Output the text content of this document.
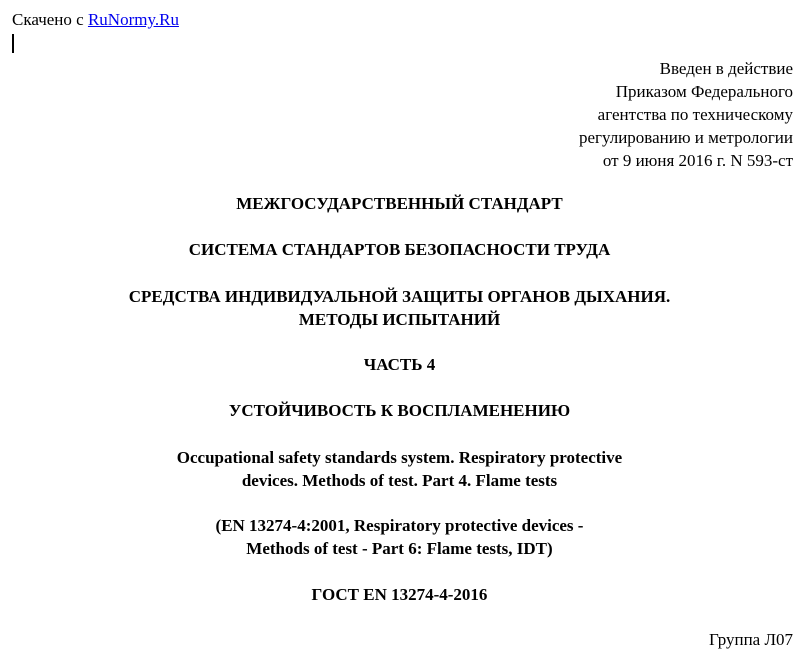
Скачено с RuNormy.Ru
Введен в действие
Приказом Федерального
агентства по техническому
регулированию и метрологии
от 9 июня 2016 г. N 593-ст
МЕЖГОСУДАРСТВЕННЫЙ СТАНДАРТ
СИСТЕМА СТАНДАРТОВ БЕЗОПАСНОСТИ ТРУДА
СРЕДСТВА ИНДИВИДУАЛЬНОЙ ЗАЩИТЫ ОРГАНОВ ДЫХАНИЯ.
МЕТОДЫ ИСПЫТАНИЙ
ЧАСТЬ 4
УСТОЙЧИВОСТЬ К ВОСПЛАМЕНЕНИЮ
Occupational safety standards system. Respiratory protective
devices. Methods of test. Part 4. Flame tests
(EN 13274-4:2001, Respiratory protective devices -
Methods of test - Part 6: Flame tests, IDT)
ГОСТ EN 13274-4-2016
Группа Л07
